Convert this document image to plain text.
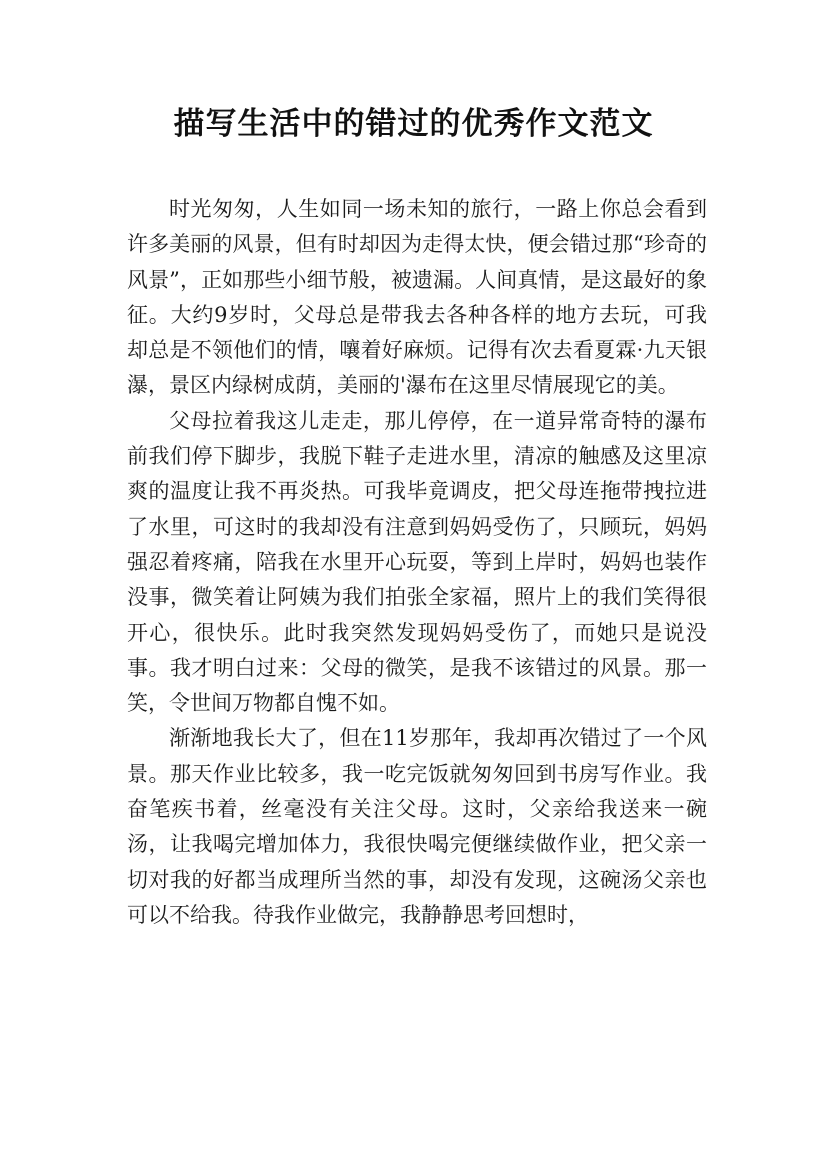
描写生活中的错过的优秀作文范文

时光匆匆，人生如同一场未知的旅行，一路上你总会看到许多美丽的风景，但有时却因为走得太快，便会错过那“珍奇的风景”，正如那些小细节般，被遗漏。人间真情，是这最好的象征。大约9岁时，父母总是带我去各种各样的地方去玩，可我却总是不领他们的情，嚷着好麻烦。记得有次去看夏霖·九天银瀑，景区内绿树成荫，美丽的'瀑布在这里尽情展现它的美。

父母拉着我这儿走走，那儿停停，在一道异常奇特的瀑布前我们停下脚步，我脱下鞋子走进水里，清凉的触感及这里凉爽的温度让我不再炎热。可我毕竟调皮，把父母连拖带拽拉进了水里，可这时的我却没有注意到妈妈受伤了，只顾玩，妈妈强忍着疼痛，陪我在水里开心玩耍，等到上岸时，妈妈也装作没事，微笑着让阿姨为我们拍张全家福，照片上的我们笑得很开心，很快乐。此时我突然发现妈妈受伤了，而她只是说没事。我才明白过来：父母的微笑，是我不该错过的风景。那一笑，令世间万物都自愧不如。

渐渐地我长大了，但在11岁那年，我却再次错过了一个风景。那天作业比较多，我一吃完饭就匆匆回到书房写作业。我奋笔疾书着，丝毫没有关注父母。这时，父亲给我送来一碗汤，让我喝完增加体力，我很快喝完便继续做作业，把父亲一切对我的好都当成理所当然的事，却没有发现，这碗汤父亲也可以不给我。待我作业做完，我静静思考回想时，
